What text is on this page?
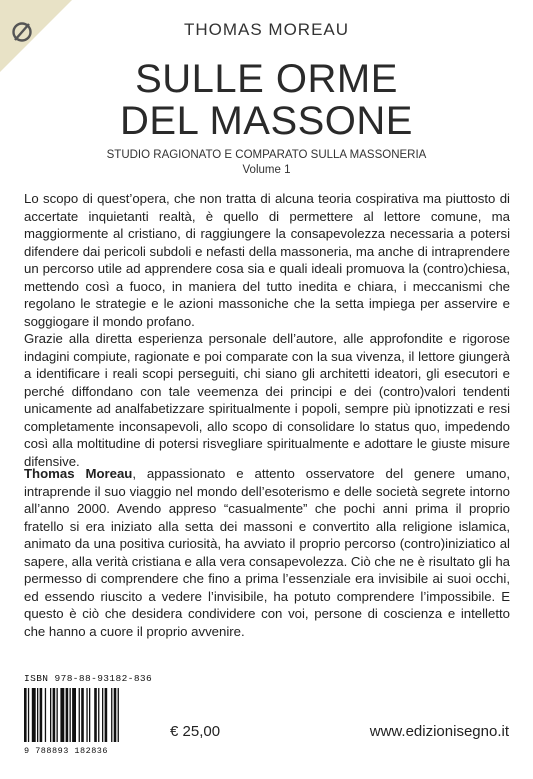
THOMAS MOREAU
SULLE ORME
DEL MASSONE
STUDIO RAGIONATO E COMPARATO SULLA MASSONERIA
Volume 1

Lo scopo di quest’opera, che non tratta di alcuna teoria cospirativa ma piuttosto di accertate inquietanti realtà, è quello di permettere al lettore comune, ma maggiormente al cristiano, di raggiungere la consapevolezza necessaria a potersi difendere dai pericoli subdoli e nefasti della massoneria, ma anche di intraprendere un percorso utile ad apprendere cosa sia e quali ideali promuova la (contro)chiesa, mettendo così a fuoco, in maniera del tutto inedita e chiara, i meccanismi che regolano le strategie e le azioni massoniche che la setta impiega per asservire e soggiogare il mondo profano.

Grazie alla diretta esperienza personale dell’autore, alle approfondite e rigorose indagini compiute, ragionate e poi comparate con la sua vivenza, il lettore giungerà a identificare i reali scopi perseguiti, chi siano gli architetti ideatori, gli esecutori e perché diffondano con tale veemenza dei principi e dei (contro)valori tendenti unicamente ad analfabetizzare spiritualmente i popoli, sempre più ipnotizzati e resi completamente inconsapevoli, allo scopo di consolidare lo status quo, impedendo così alla moltitudine di potersi risvegliare spiritualmente e adottare le giuste misure difensive.

Thomas Moreau, appassionato e attento osservatore del genere umano, intraprende il suo viaggio nel mondo dell’esoterismo e delle società segrete intorno all’anno 2000. Avendo appreso “casualmente” che pochi anni prima il proprio fratello si era iniziato alla setta dei massoni e convertito alla religione islamica, animato da una positiva curiosità, ha avviato il proprio percorso (contro)iniziatico al sapere, alla verità cristiana e alla vera consapevolezza. Ciò che ne è risultato gli ha permesso di comprendere che fino a prima l’essenziale era invisibile ai suoi occhi, ed essendo riuscito a vedere l’invisibile, ha potuto comprendere l’impossibile. E questo è ciò che desidera condividere con voi, persone di coscienza e intelletto che hanno a cuore il proprio avvenire.

ISBN 978-88-93182-836
9 788893 182836
€ 25,00	www.edizionisegno.it
